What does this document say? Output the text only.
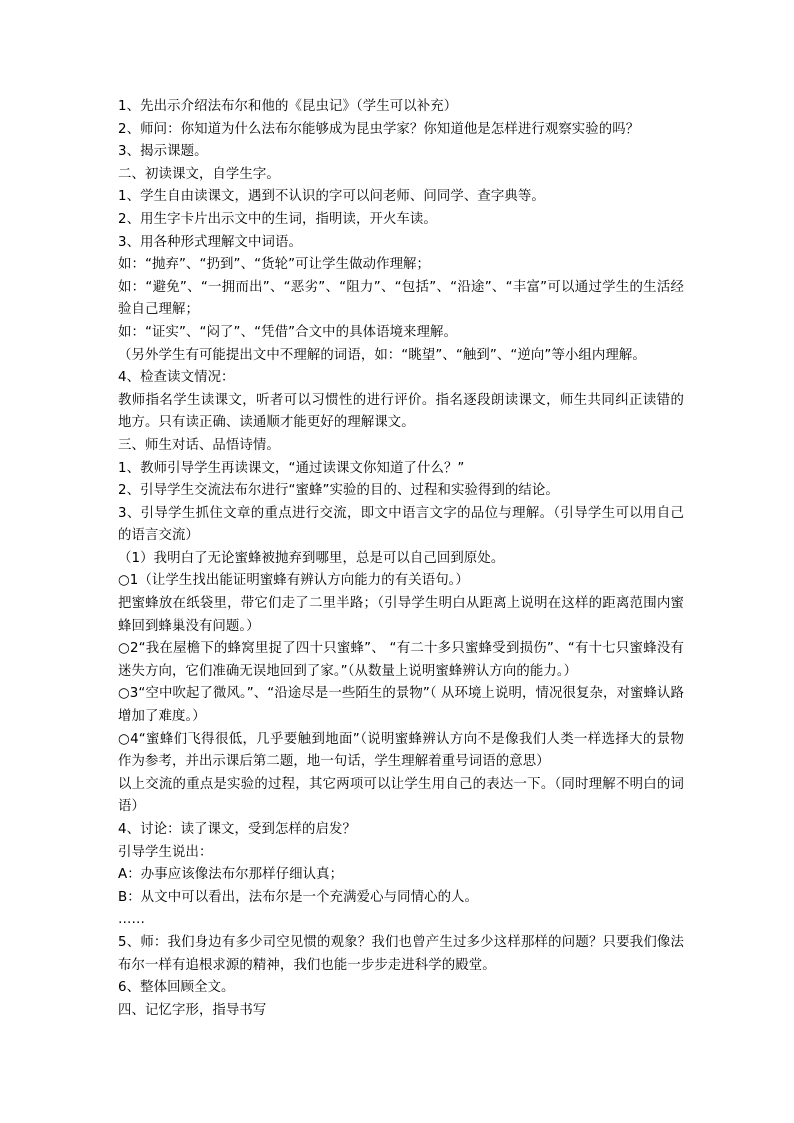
1、先出示介绍法布尔和他的《昆虫记》（学生可以补充）

2、师问：你知道为什么法布尔能够成为昆虫学家？你知道他是怎样进行观察实验的吗？

3、揭示课题。

二、初读课文，自学生字。

1、学生自由读课文，遇到不认识的字可以问老师、问同学、查字典等。

2、用生字卡片出示文中的生词，指明读，开火车读。

3、用各种形式理解文中词语。

如：“抛弃”、“扔到”、“货轮”可让学生做动作理解；

如：“避免”、“一拥而出”、“恶劣”、“阻力”、“包括”、“沿途”、“丰富”可以通过学生的生活经验自己理解；

如：“证实”、“闷了”、“凭借”合文中的具体语境来理解。

（另外学生有可能提出文中不理解的词语，如：“眺望”、“触到”、“逆向”等小组内理解。

4、检查读文情况：

教师指名学生读课文，听者可以习惯性的进行评价。指名逐段朗读课文，师生共同纠正读错的地方。只有读正确、读通顺才能更好的理解课文。

三、师生对话、品悟诗情。

1、教师引导学生再读课文，“通过读课文你知道了什么？”

2、引导学生交流法布尔进行“蜜蜂”实验的目的、过程和实验得到的结论。

3、引导学生抓住文章的重点进行交流，即文中语言文字的品位与理解。（引导学生可以用自己的语言交流）

（1）我明白了无论蜜蜂被抛弃到哪里，总是可以自己回到原处。

○1（让学生找出能证明蜜蜂有辨认方向能力的有关语句。）

把蜜蜂放在纸袋里，带它们走了二里半路；（引导学生明白从距离上说明在这样的距离范围内蜜蜂回到蜂巢没有问题。）

○2“我在屋檐下的蜂窝里捉了四十只蜜蜂”、 “有二十多只蜜蜂受到损伤”、“有十七只蜜蜂没有迷失方向，它们准确无误地回到了家。”（从数量上说明蜜蜂辨认方向的能力。）

○3“空中吹起了微风。”、“沿途尽是一些陌生的景物”（ 从环境上说明，情况很复杂，对蜜蜂认路增加了难度。）

○4“蜜蜂们飞得很低，几乎要触到地面”（说明蜜蜂辨认方向不是像我们人类一样选择大的景物作为参考，并出示课后第二题，地一句话，学生理解着重号词语的意思）

以上交流的重点是实验的过程，其它两项可以让学生用自己的表达一下。（同时理解不明白的词语）

4、讨论：读了课文，受到怎样的启发？

引导学生说出：

A：办事应该像法布尔那样仔细认真；

B：从文中可以看出，法布尔是一个充满爱心与同情心的人。

……

5、师：我们身边有多少司空见惯的观象？我们也曾产生过多少这样那样的问题？只要我们像法布尔一样有追根求源的精神，我们也能一步步走进科学的殿堂。

6、整体回顾全文。

四、记忆字形，指导书写
